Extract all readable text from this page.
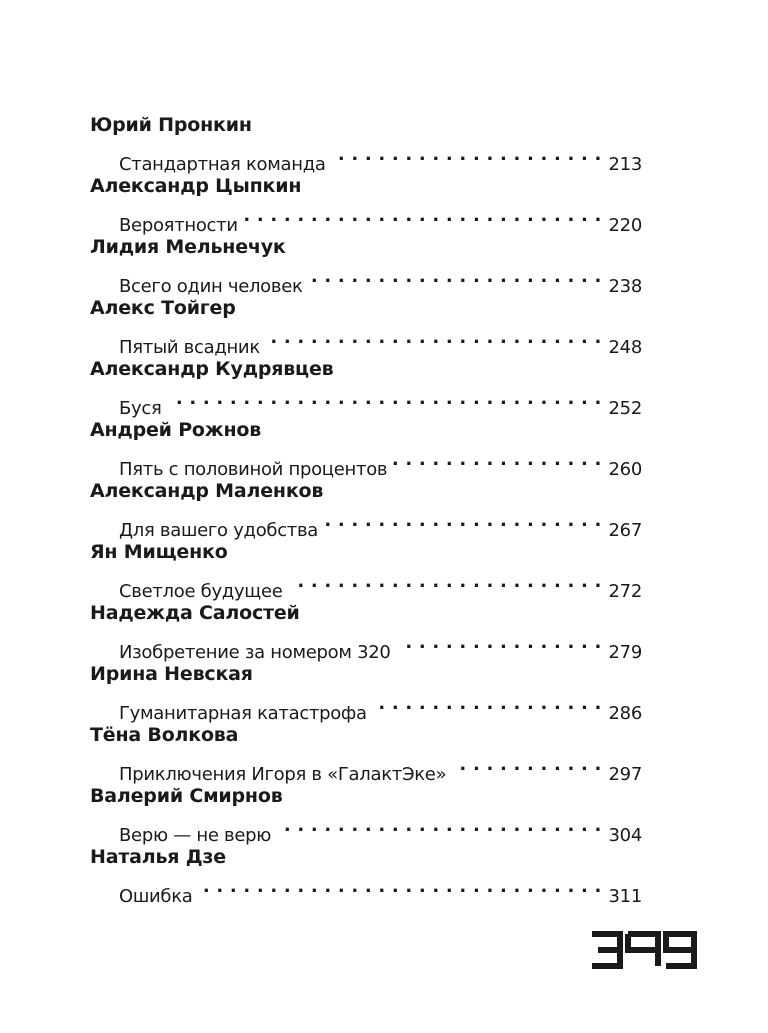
Юрий Пронкин
Стандартная команда . . .	213
Александр Цыпкин
Вероятности . . .	220
Лидия Мельнечук
Всего один человек . . .	238
Алекс Тойгер
Пятый всадник . . .	248
Александр Кудрявцев
Буся . . .	252
Андрей Рожнов
Пять с половиной процентов . . .	260
Александр Маленков
Для вашего удобства . . .	267
Ян Мищенко
Светлое будущее . . .	272
Надежда Салостей
Изобретение за номером 320 . . .	279
Ирина Невская
Гуманитарная катастрофа . . .	286
Тёна Волкова
Приключения Игоря в «ГалактЭке» . . .	297
Валерий Смирнов
Верю — не верю . . .	304
Наталья Дзе
Ошибка . . .	311
